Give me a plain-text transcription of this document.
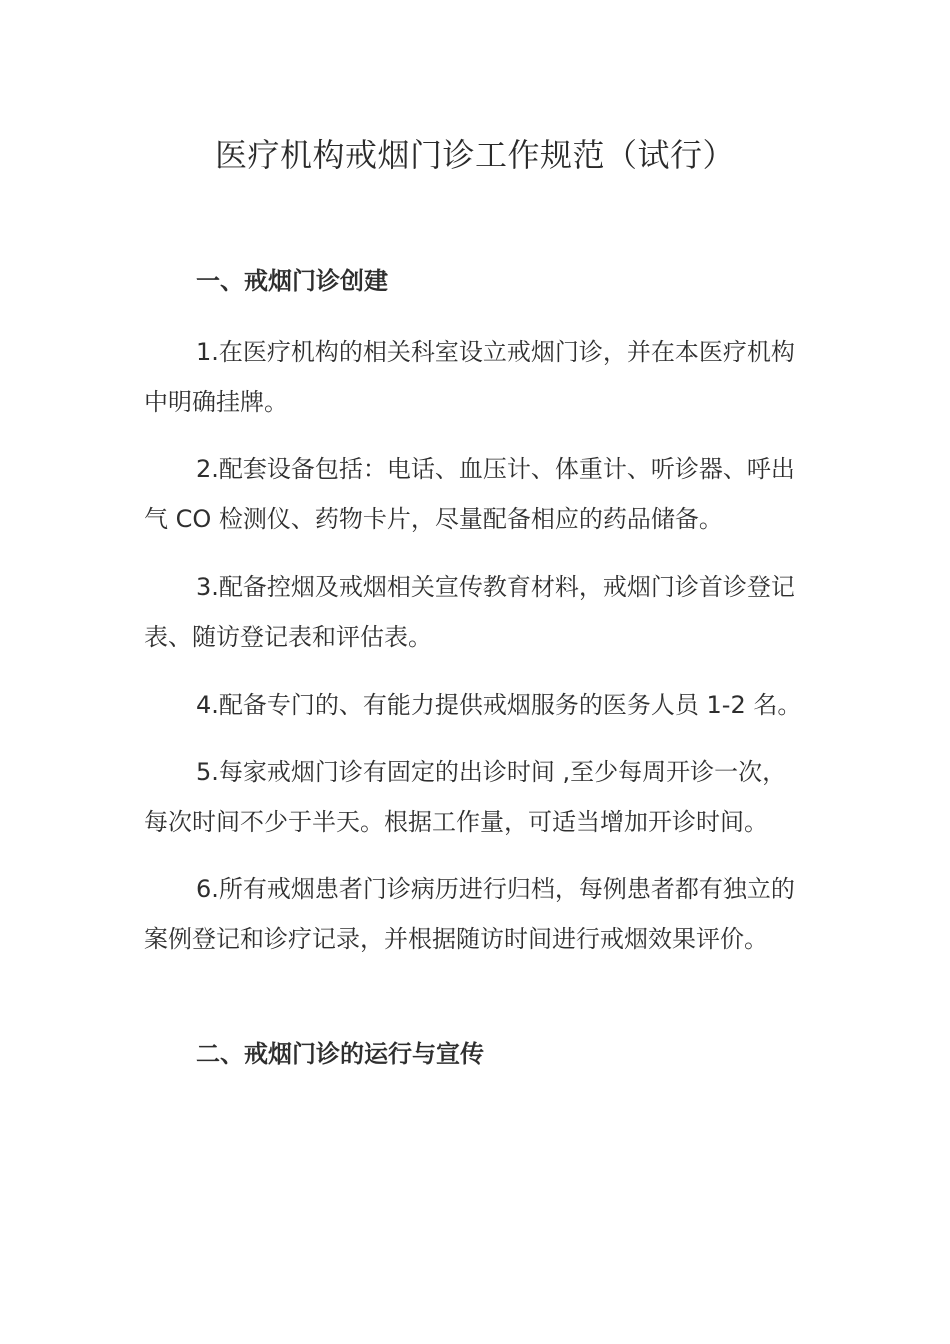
医疗机构戒烟门诊工作规范（试行）
一、戒烟门诊创建

1.在医疗机构的相关科室设立戒烟门诊，并在本医疗机构中明确挂牌。

2.配套设备包括：电话、血压计、体重计、听诊器、呼出气 CO 检测仪、药物卡片，尽量配备相应的药品储备。

3.配备控烟及戒烟相关宣传教育材料，戒烟门诊首诊登记表、随访登记表和评估表。

4.配备专门的、有能力提供戒烟服务的医务人员 1-2 名。

5.每家戒烟门诊有固定的出诊时间 ,至少每周开诊一次，每次时间不少于半天。根据工作量，可适当增加开诊时间。

6.所有戒烟患者门诊病历进行归档，每例患者都有独立的案例登记和诊疗记录，并根据随访时间进行戒烟效果评价。

二、戒烟门诊的运行与宣传
